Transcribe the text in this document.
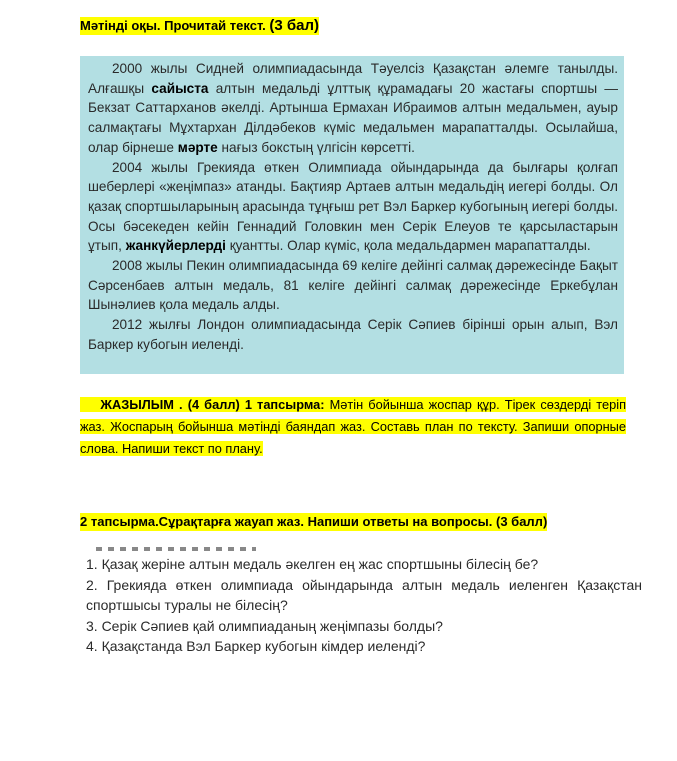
Мәтінді оқы. Прочитай текст. (3 бал)

2000 жылы Сидней олимпиадасында Тәуелсіз Қазақстан әлемге танылды. Алғашқы сайыста алтын медальді ұлттық құрамадағы 20 жастағы спортшы — Бекзат Саттарханов әкелді. Артынша Ермахан Ибраимов алтын медальмен, ауыр салмақтағы Мұхтархан Ділдәбеков күміс медальмен марапатталды. Осылайша, олар бірнеше мәрте нағыз бокстың үлгісін көрсетті.

2004 жылы Грекияда өткен Олимпиада ойындарында да былғары қолғап шеберлері «жеңімпаз» атанды. Бақтияр Артаев алтын медальдің иегері болды. Ол қазақ спортшыларының арасында тұңғыш рет Вэл Баркер кубогының иегері болды. Осы бәсекеден кейін Геннадий Головкин мен Серік Елеуов те қарсыластарын ұтып, жанкүйерлерді қуантты. Олар күміс, қола медальдармен марапатталды.

2008 жылы Пекин олимпиадасында 69 келіге дейінгі салмақ дәрежесінде Бақыт Сәрсенбаев алтын медаль, 81 келіге дейінгі салмақ дәрежесінде Еркебұлан Шынәлиев қола медаль алды.

2012 жылғы Лондон олимпиадасында Серік Сәпиев бірінші орын алып, Вэл Баркер кубогын иеленді.

ЖАЗЫЛЫМ . (4 балл) 1 тапсырма: Мәтін бойынша жоспар құр. Тірек сөздерді теріп жаз. Жоспарың бойынша мәтінді баяндап жаз. Составь план по тексту. Запиши опорные слова. Напиши текст по плану.
2 тапсырма.Сұрақтарға жауап жаз. Напиши ответы на вопросы. (3 балл)
1. Қазақ жеріне алтын медаль әкелген ең жас спортшыны білесің бе?
2. Грекияда өткен олимпиада ойындарында алтын медаль иеленген Қазақстан спортшысы туралы не білесің?
3. Серік Сәпиев қай олимпиаданың жеңімпазы болды?
4. Қазақстанда Вэл Баркер кубогын кімдер иеленді?
